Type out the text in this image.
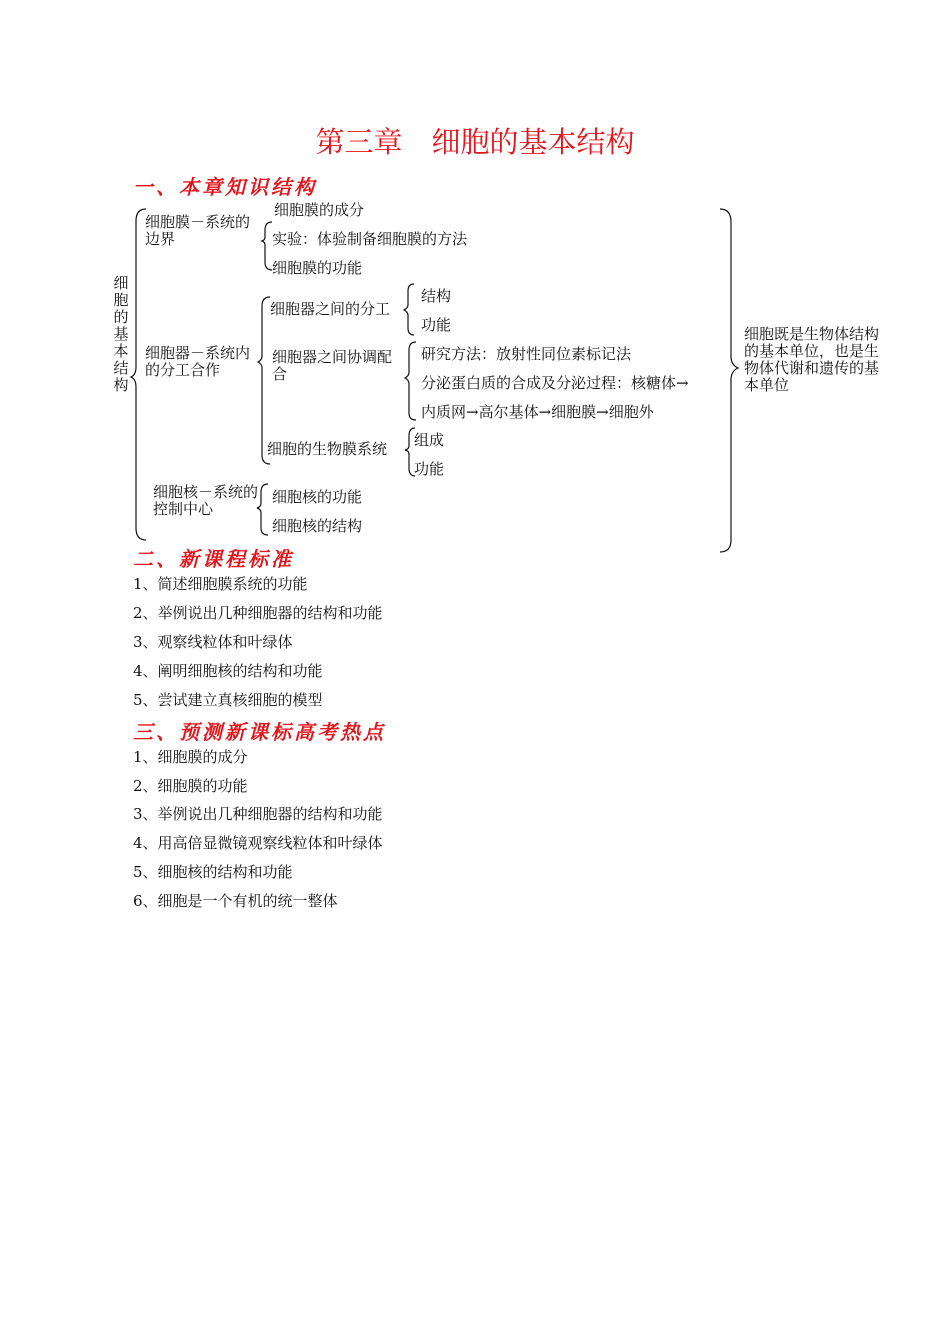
第三章　细胞的基本结构
一、本章知识结构
细胞的基本结构
细胞膜－系统的边界
细胞膜的成分
实验：体验制备细胞膜的方法
细胞膜的功能
细胞器－系统内的分工合作
细胞器之间的分工
结构
功能
细胞器之间协调配合
研究方法：放射性同位素标记法
分泌蛋白质的合成及分泌过程：核糖体→
内质网→高尔基体→细胞膜→细胞外
细胞的生物膜系统 组成
功能
细胞核－系统的控制中心
细胞核的功能
细胞核的结构
细胞既是生物体结构的基本单位，也是生物体代谢和遗传的基本单位
二、新课程标准
1、简述细胞膜系统的功能
2、举例说出几种细胞器的结构和功能
3、观察线粒体和叶绿体
4、阐明细胞核的结构和功能
5、尝试建立真核细胞的模型
三、预测新课标高考热点
1、细胞膜的成分
2、细胞膜的功能
3、举例说出几种细胞器的结构和功能
4、用高倍显微镜观察线粒体和叶绿体
5、细胞核的结构和功能
6、细胞是一个有机的统一整体
